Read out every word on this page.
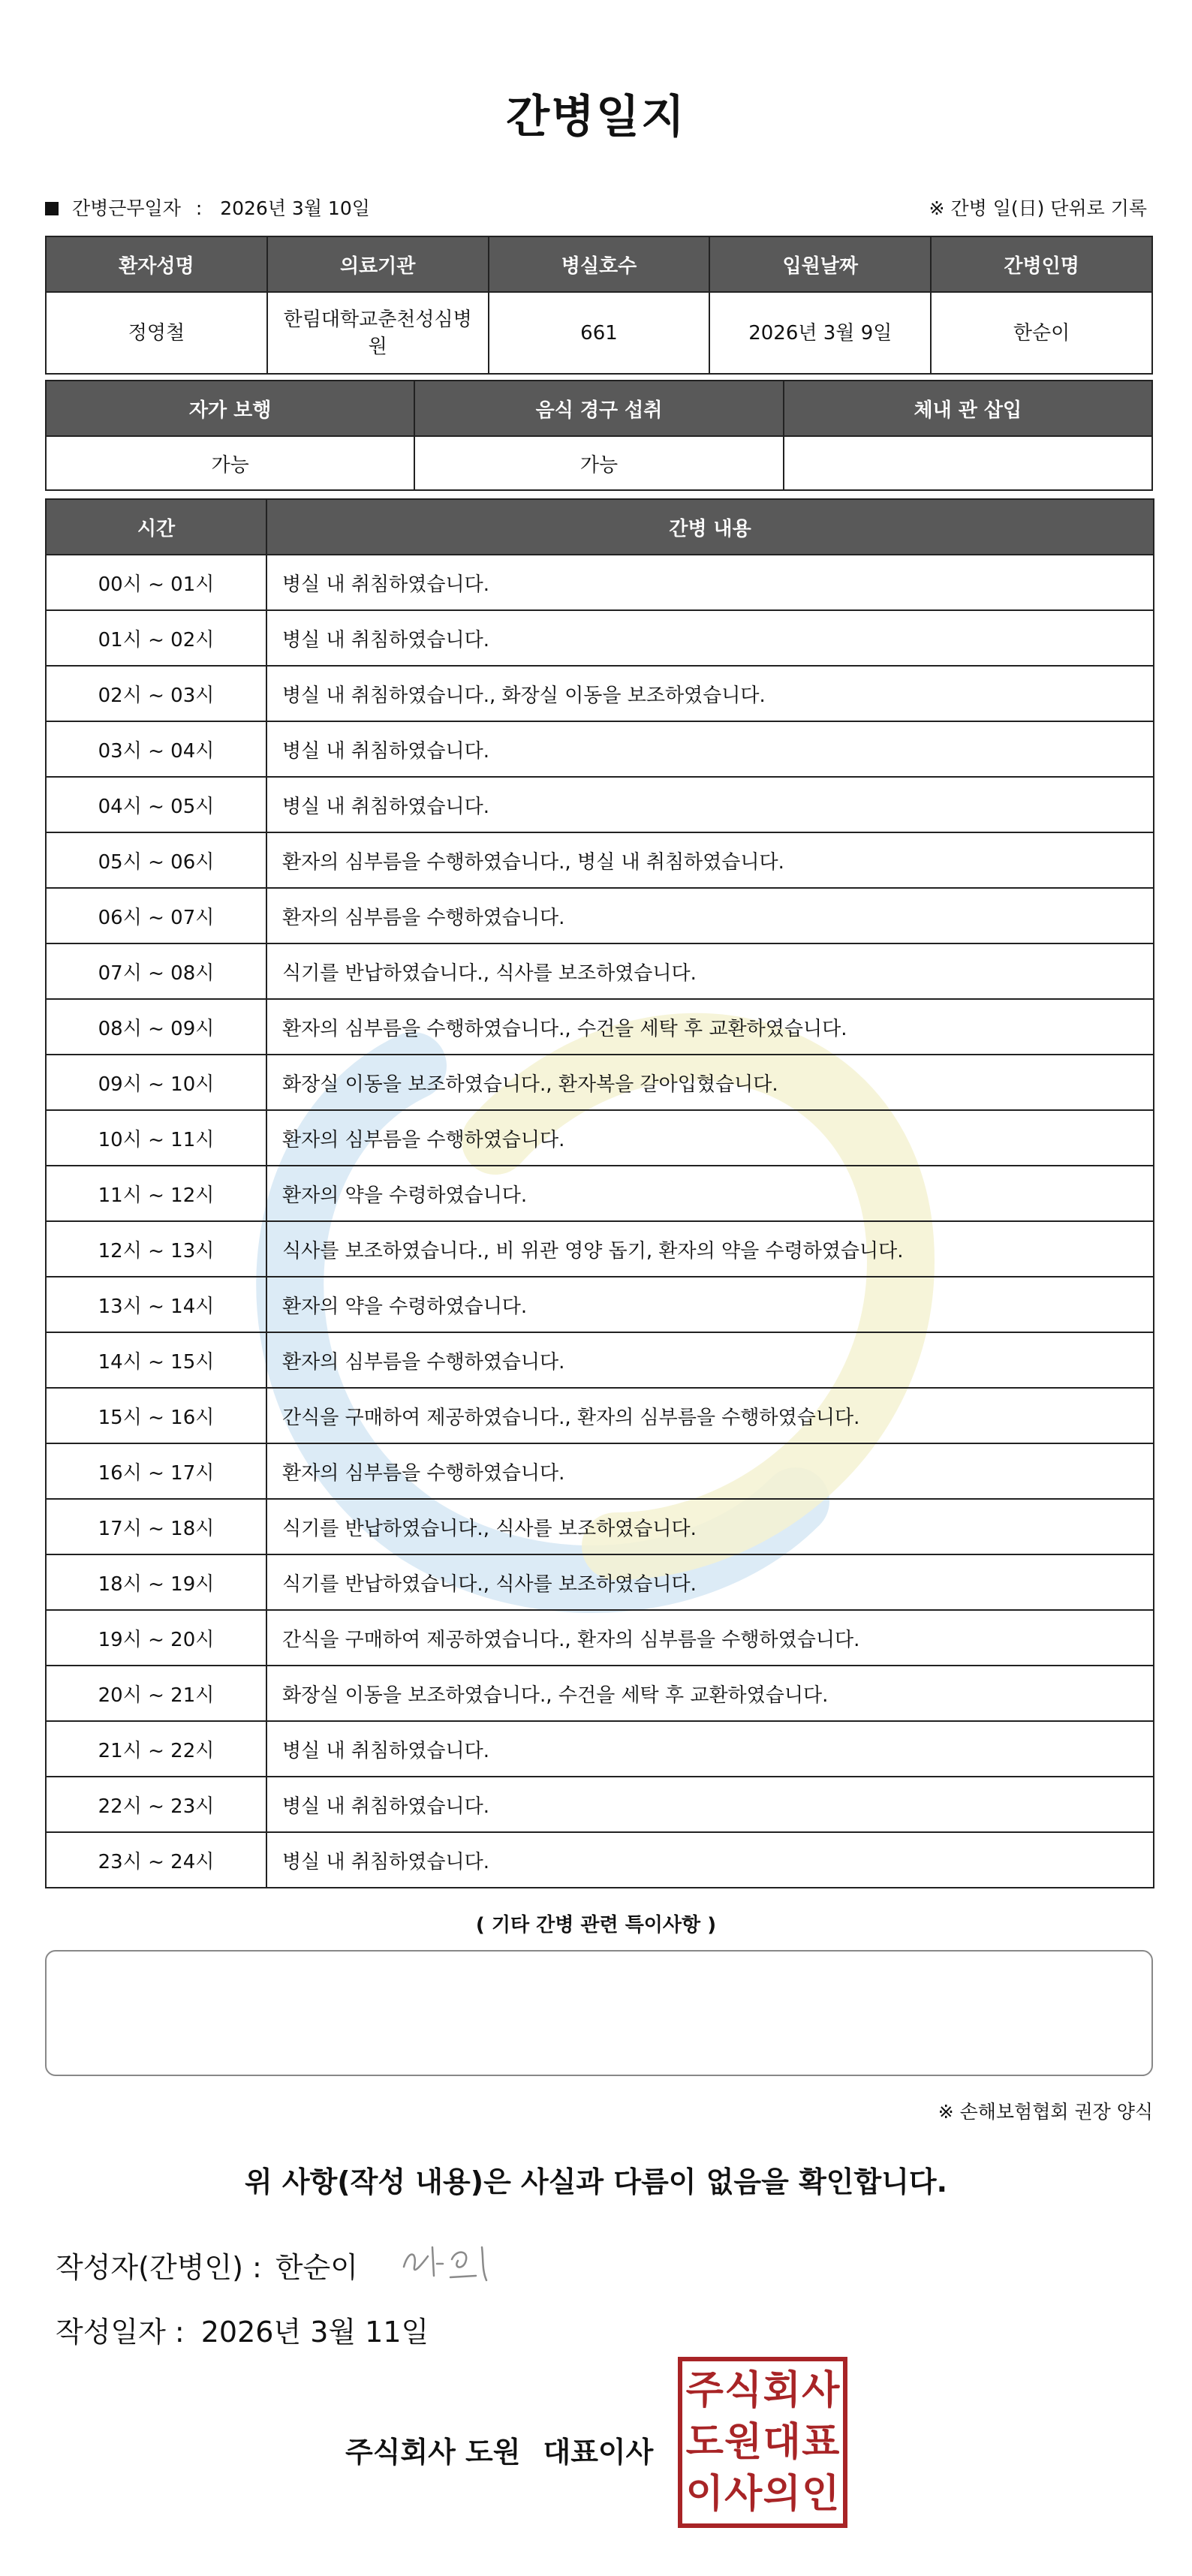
간병일지
간병근무일자 : 2026년 3월 10일	※ 간병 일(日) 단위로 기록
환자성명	의료기관	병실호수	입원날짜	간병인명
정영철	한림대학교춘천성심병원	661	2026년 3월 9일	한순이
자가 보행	음식 경구 섭취	체내 관 삽입
가능	가능	
시간	간병 내용
00시 ~ 01시	병실 내 취침하였습니다.
01시 ~ 02시	병실 내 취침하였습니다.
02시 ~ 03시	병실 내 취침하였습니다., 화장실 이동을 보조하였습니다.
03시 ~ 04시	병실 내 취침하였습니다.
04시 ~ 05시	병실 내 취침하였습니다.
05시 ~ 06시	환자의 심부름을 수행하였습니다., 병실 내 취침하였습니다.
06시 ~ 07시	환자의 심부름을 수행하였습니다.
07시 ~ 08시	식기를 반납하였습니다., 식사를 보조하였습니다.
08시 ~ 09시	환자의 심부름을 수행하였습니다., 수건을 세탁 후 교환하였습니다.
09시 ~ 10시	화장실 이동을 보조하였습니다., 환자복을 갈아입혔습니다.
10시 ~ 11시	환자의 심부름을 수행하였습니다.
11시 ~ 12시	환자의 약을 수령하였습니다.
12시 ~ 13시	식사를 보조하였습니다., 비 위관 영양 돕기, 환자의 약을 수령하였습니다.
13시 ~ 14시	환자의 약을 수령하였습니다.
14시 ~ 15시	환자의 심부름을 수행하였습니다.
15시 ~ 16시	간식을 구매하여 제공하였습니다., 환자의 심부름을 수행하였습니다.
16시 ~ 17시	환자의 심부름을 수행하였습니다.
17시 ~ 18시	식기를 반납하였습니다., 식사를 보조하였습니다.
18시 ~ 19시	식기를 반납하였습니다., 식사를 보조하였습니다.
19시 ~ 20시	간식을 구매하여 제공하였습니다., 환자의 심부름을 수행하였습니다.
20시 ~ 21시	화장실 이동을 보조하였습니다., 수건을 세탁 후 교환하였습니다.
21시 ~ 22시	병실 내 취침하였습니다.
22시 ~ 23시	병실 내 취침하였습니다.
23시 ~ 24시	병실 내 취침하였습니다.
( 기타 간병 관련 특이사항 )
※ 손해보험협회 권장 양식
위 사항(작성 내용)은 사실과 다름이 없음을 확인합니다.
작성자(간병인) : 한순이
작성일자 : 2026년 3월 11일
주식회사 도원 대표이사
주 식 회 사
도 원 대 표
이 사 의 인
